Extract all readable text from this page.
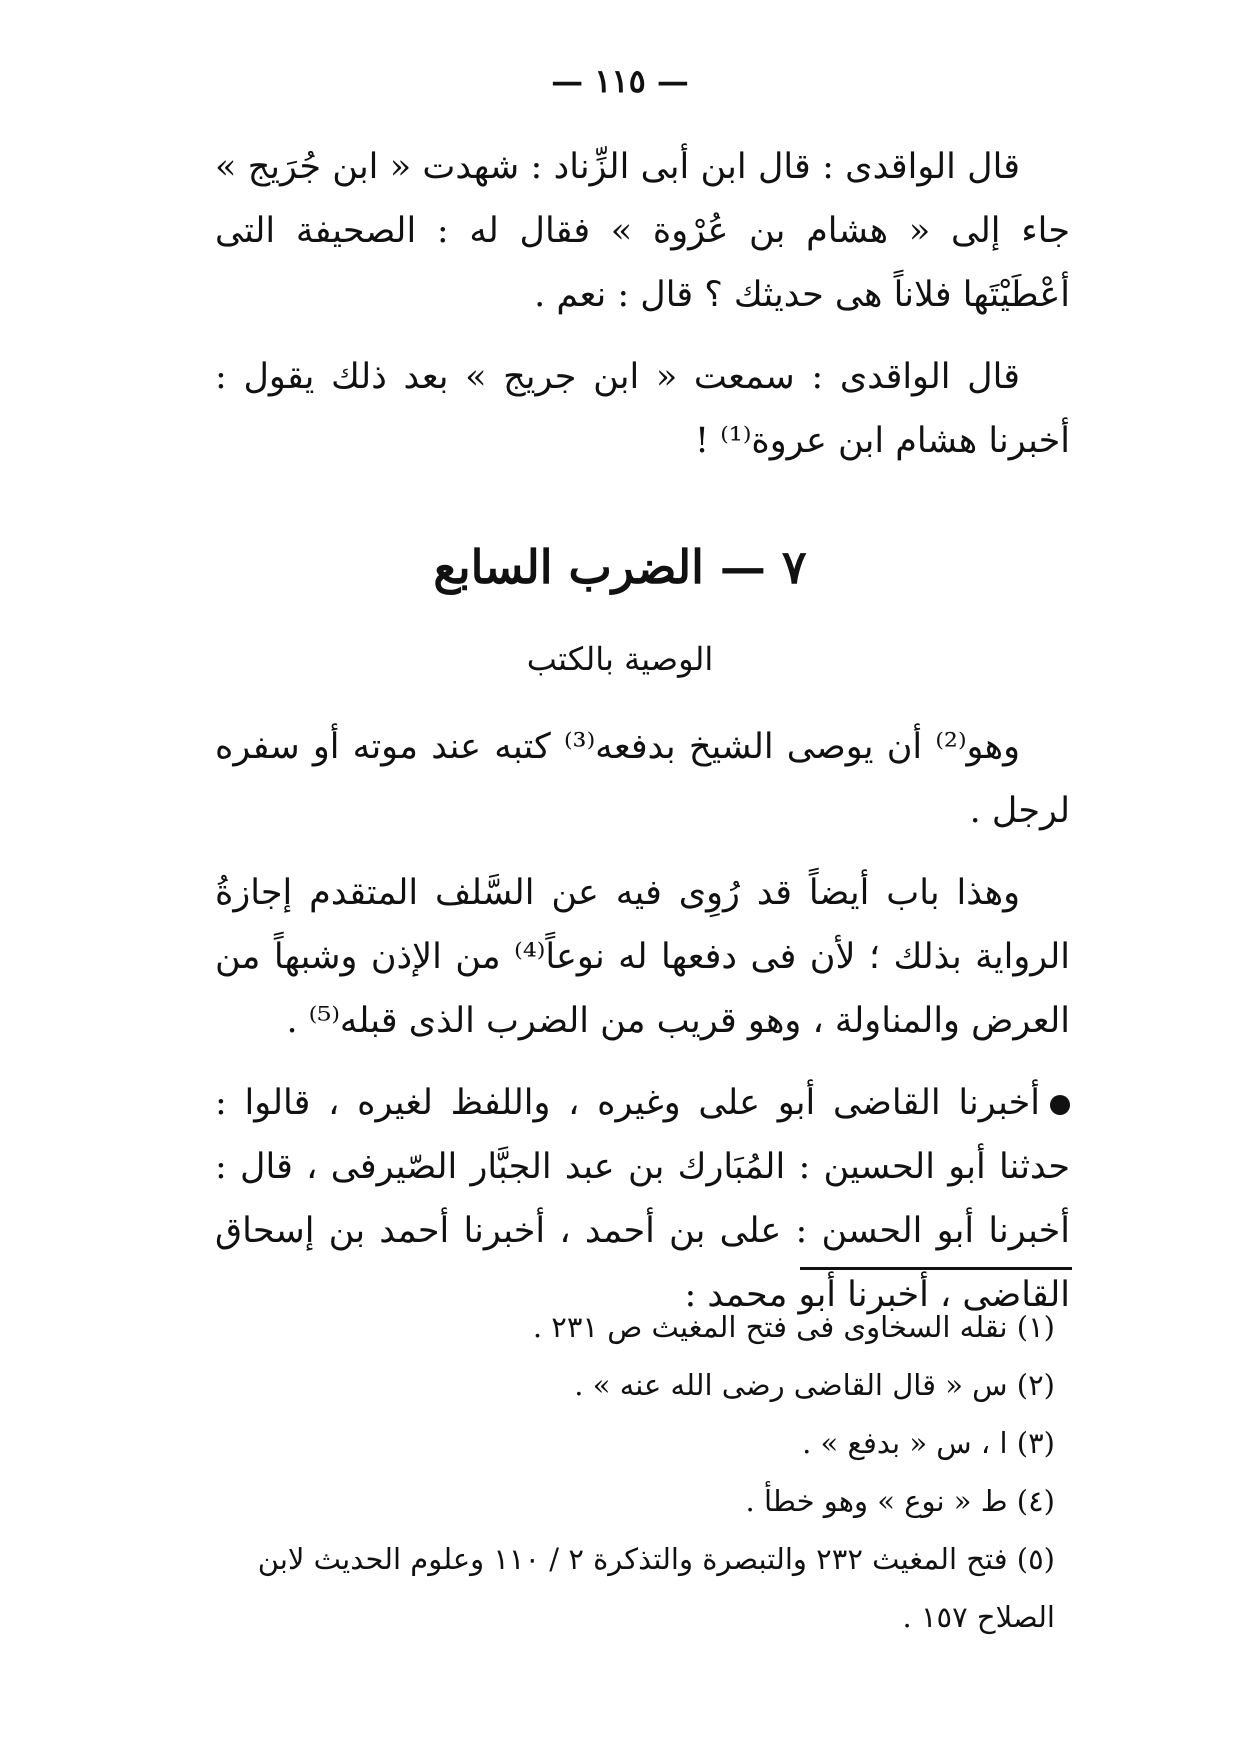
— ١١٥ —

قال الواقدى : قال ابن أبى الزِّناد : شهدت « ابن جُرَيج » جاء إلى « هشام بن عُرْوة » فقال له : الصحيفة التى أعْطَيْتَها فلاناً هى حديثك ؟ قال : نعم .

قال الواقدى : سمعت « ابن جريج » بعد ذلك يقول : أخبرنا هشام ابن عروة⁽¹⁾ !

٧ — الضرب السابع
الوصية بالكتب

وهو⁽²⁾ أن يوصى الشيخ بدفعه⁽³⁾ كتبه عند موته أو سفره لرجل .

وهذا باب أيضاً قد رُوِى فيه عن السَّلف المتقدم إجازةُ الرواية بذلك ؛ لأن فى دفعها له نوعاً⁽⁴⁾ من الإذن وشبهاً من العرض والمناولة ، وهو قريب من الضرب الذى قبله⁽⁵⁾ .

أخبرنا القاضى أبو على وغيره ، واللفظ لغيره ، قالوا : حدثنا أبو الحسين : المُبَارك بن عبد الجبَّار الصّيرفى ، قال : أخبرنا أبو الحسن : على بن أحمد ، أخبرنا أحمد بن إسحاق القاضى ، أخبرنا أبو محمد :

(١) نقله السخاوى فى فتح المغيث ص ٢٣١ .

(٢) س « قال القاضى رضى الله عنه » .

(٣) ا ، س « بدفع » .

(٤) ط « نوع » وهو خطأ .

(٥) فتح المغيث ٢٣٢ والتبصرة والتذكرة ٢ / ١١٠ وعلوم الحديث لابن الصلاح ١٥٧ .
